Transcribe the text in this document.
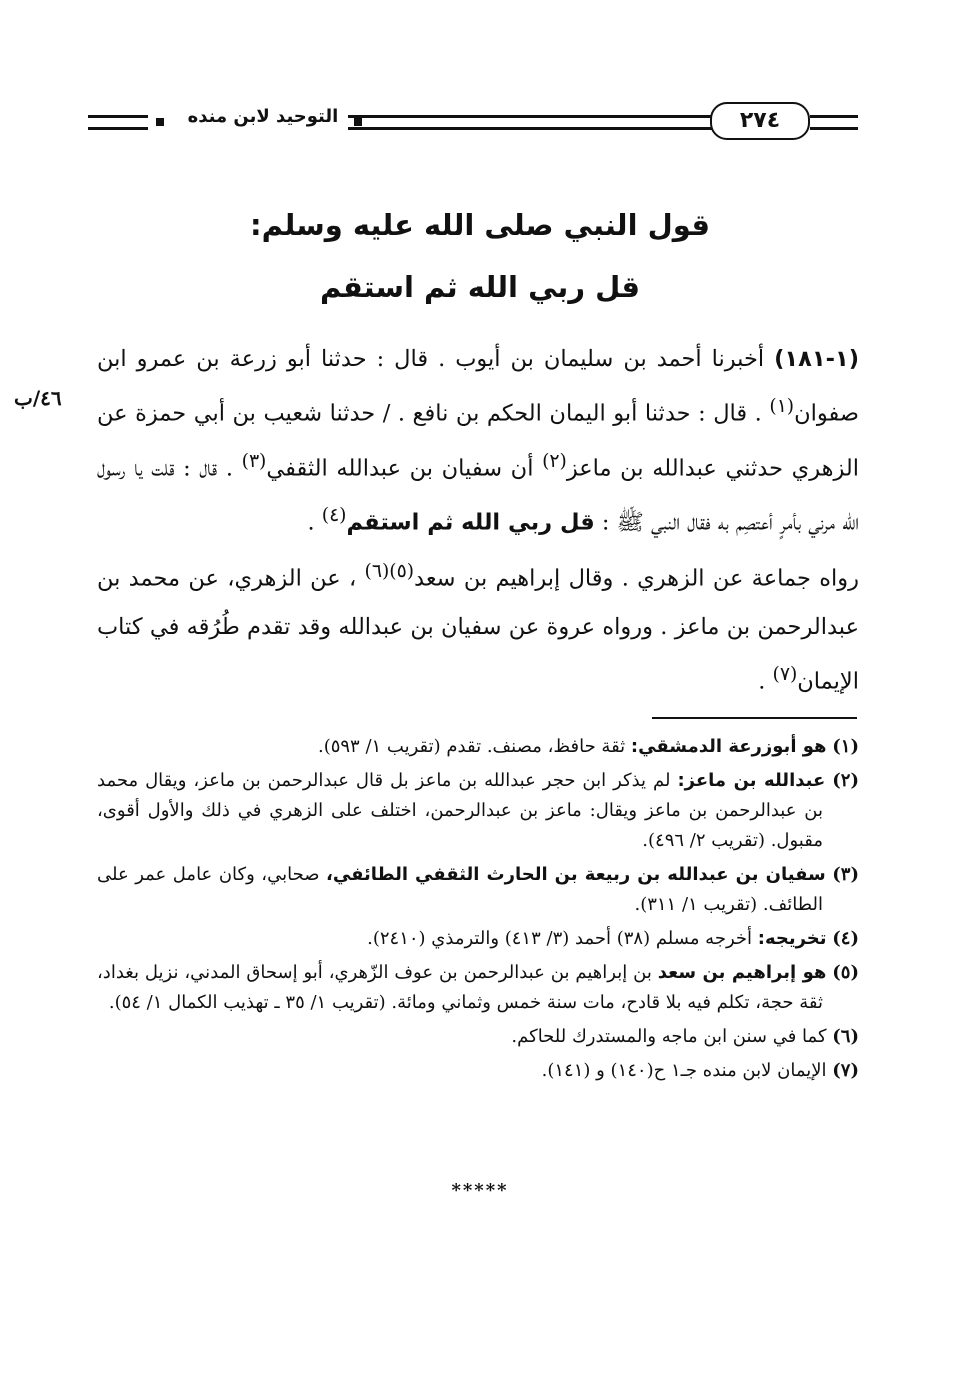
التوحيد لابن منده	٢٧٤
قول النبي صلى الله عليه وسلم:
قل ربي الله ثم استقم
٤٦/ب
(١-١٨١) أخبرنا أحمد بن سليمان بن أيوب . قال : حدثنا أبو زرعة بن عمرو ابن صفوان$^{(١)}$ . قال : حدثنا أبو اليمان الحكم بن نافع . / حدثنا شعيب بن أبي حمزة عن الزهري حدثني عبدالله بن ماعز$^{(٢)}$ أن سفيان بن عبدالله الثقفي$^{(٣)}$ . قال : قلت يا رسول الله مرني بأمرٍ أعتصِم به فقال النبي ﷺ : قل ربي الله ثم استقم$^{(٤)}$ .
رواه جماعة عن الزهري . وقال إبراهيم بن سعد$^{(٥)(٦)}$ ، عن الزهري، عن محمد بن عبدالرحمن بن ماعز . ورواه عروة عن سفيان بن عبدالله وقد تقدم طُرُقه في كتاب الإيمان$^{(٧)}$ .
(١) هو أبوزرعة الدمشقي: ثقة حافظ، مصنف. تقدم (تقريب ١/ ٥٩٣).
(٢) عبدالله بن ماعز: لم يذكر ابن حجر عبدالله بن ماعز بل قال عبدالرحمن بن ماعز، ويقال محمد بن عبدالرحمن بن ماعز ويقال: ماعز بن عبدالرحمن، اختلف على الزهري في ذلك والأول أقوى، مقبول. (تقريب ٢/ ٤٩٦).
(٣) سفيان بن عبدالله بن ربيعة بن الحارث الثقفي الطائفي، صحابي، وكان عامل عمر على الطائف. (تقريب ١/ ٣١١).
(٤) تخريجه: أخرجه مسلم (٣٨) أحمد (٣/ ٤١٣) والترمذي (٢٤١٠).
(٥) هو إبراهيم بن سعد بن إبراهيم بن عبدالرحمن بن عوف الزّهري، أبو إسحاق المدني، نزيل بغداد، ثقة حجة، تكلم فيه بلا قادح، مات سنة خمس وثماني ومائة. (تقريب ١/ ٣٥ ـ تهذيب الكمال ١/ ٥٤).
(٦) كما في سنن ابن ماجه والمستدرك للحاكم.
(٧) الإيمان لابن منده جـ١ ح(١٤٠) و (١٤١).
*****
